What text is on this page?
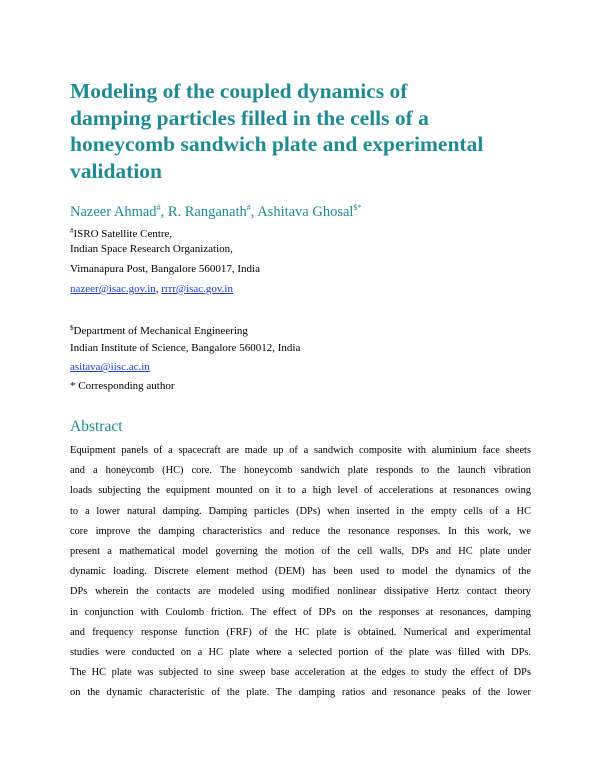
Modeling of the coupled dynamics of
damping particles filled in the cells of a
honeycomb sandwich plate and experimental
validation
Nazeer Ahmad#, R. Ranganath#, Ashitava Ghosal$*
#ISRO Satellite Centre,
Indian Space Research Organization,
Vimanapura Post, Bangalore 560017, India
nazeer@isac.gov.in, rrrr@isac.gov.in
$Department of Mechanical Engineering
Indian Institute of Science, Bangalore 560012, India
asitava@iisc.ac.in
* Corresponding author
Abstract
Equipment panels of a spacecraft are made up of a sandwich composite with aluminium face sheets
and a honeycomb (HC) core. The honeycomb sandwich plate responds to the launch vibration
loads subjecting the equipment mounted on it to a high level of accelerations at resonances owing
to a lower natural damping. Damping particles (DPs) when inserted in the empty cells of a HC
core improve the damping characteristics and reduce the resonance responses. In this work, we
present a mathematical model governing the motion of the cell walls, DPs and HC plate under
dynamic loading. Discrete element method (DEM) has been used to model the dynamics of the
DPs wherein the contacts are modeled using modified nonlinear dissipative Hertz contact theory
in conjunction with Coulomb friction. The effect of DPs on the responses at resonances, damping
and frequency response function (FRF) of the HC plate is obtained. Numerical and experimental
studies were conducted on a HC plate where a selected portion of the plate was filled with DPs.
The HC plate was subjected to sine sweep base acceleration at the edges to study the effect of DPs
on the dynamic characteristic of the plate. The damping ratios and resonance peaks of the lower
